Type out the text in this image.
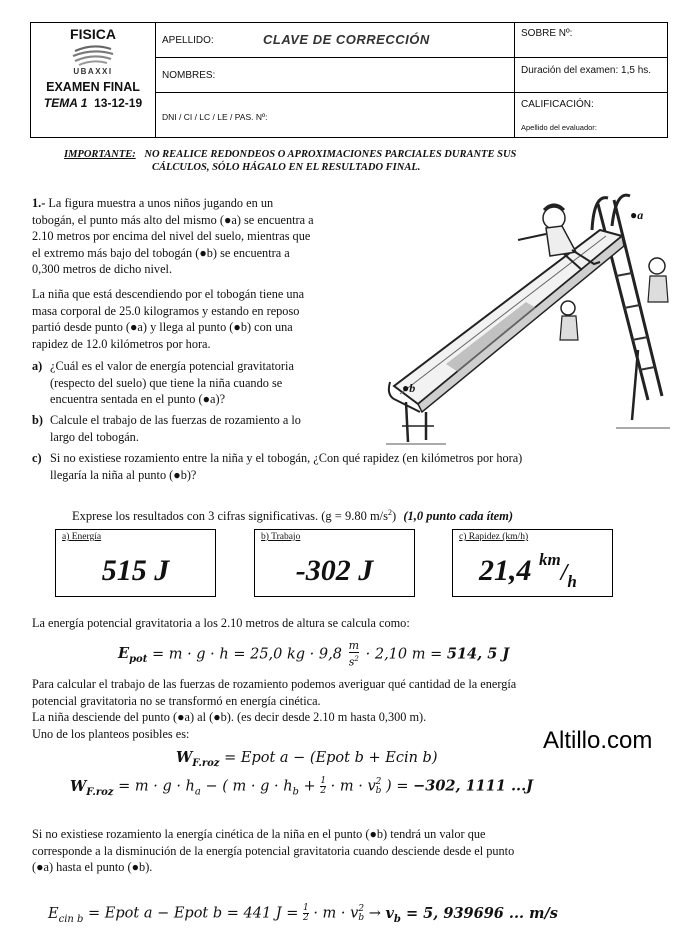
FISICA
UBAXXI
EXAMEN FINAL
TEMA 1 13-12-19
APELLIDO:	CLAVE DE CORRECCIÓN
NOMBRES:
DNI / CI / LC / LE / PAS. Nº:
SOBRE Nº:
Duración del examen: 1,5 hs.
CALIFICACIÓN:
Apellido del evaluador:
IMPORTANTE: NO REALICE REDONDEOS O APROXIMACIONES PARCIALES DURANTE SUS
CÁLCULOS, SÓLO HÁGALO EN EL RESULTADO FINAL.
1.- La figura muestra a unos niños jugando en un
tobogán, el punto más alto del mismo (●a) se encuentra a
2.10 metros por encima del nivel del suelo, mientras que
el extremo más bajo del tobogán (●b) se encuentra a
0,300 metros de dicho nivel.
La niña que está descendiendo por el tobogán tiene una
masa corporal de 25.0 kilogramos y estando en reposo
partió desde punto (●a) y llega al punto (●b) con una
rapidez de 12.0 kilómetros por hora.
a) ¿Cuál es el valor de energía potencial gravitatoria
(respecto del suelo) que tiene la niña cuando se
encuentra sentada en el punto (●a)?
b) Calcule el trabajo de las fuerzas de rozamiento a lo
largo del tobogán.
c) Si no existiese rozamiento entre la niña y el tobogán, ¿Con qué rapidez (en kilómetros por hora)
llegaría la niña al punto (●b)?
●a
●b
Exprese los resultados con 3 cifras significativas. (g = 9.80 $m/s^2$) (1,0 punto cada ítem)
a) Energía
515 J
b) Trabajo
-302 J
c) Rapidez (km/h)
21,4 $^{km}/_h$
La energía potencial gravitatoria a los 2.10 metros de altura se calcula como:
$E_{pot} = m \cdot g \cdot h = 25,0$ kg · $9,8 \frac{m}{s^2} \cdot 2,10$ m = 514, 5 J
Para calcular el trabajo de las fuerzas de rozamiento podemos averiguar qué cantidad de la energía
potencial gravitatoria no se transformó en energía cinética.
La niña desciende del punto (●a) al (●b). (es decir desde 2.10 m hasta 0,300 m).
Uno de los planteos posibles es:	Altillo.com
$W_{F.roz}$ = Epot a − (Epot b + Ecin b)
$W_{F.roz} = m \cdot g \cdot h_a$ − ( $m \cdot g \cdot h_b + \frac{1}{2} \cdot m \cdot v$ 2
b ) = −302, 1111 ...J
Si no existiese rozamiento la energía cinética de la niña en el punto (●b) tendrá un valor que
corresponde a la disminución de la energía potencial gravitatoria cuando desciende desde el punto
(●a) hasta el punto (●b).
$E_{cin b}$ = Epot a − Epot b = 441 $J = \frac{1}{2} \cdot m \cdot v$ 2
$b \to v_b = 5$, 939696 ... m/s
